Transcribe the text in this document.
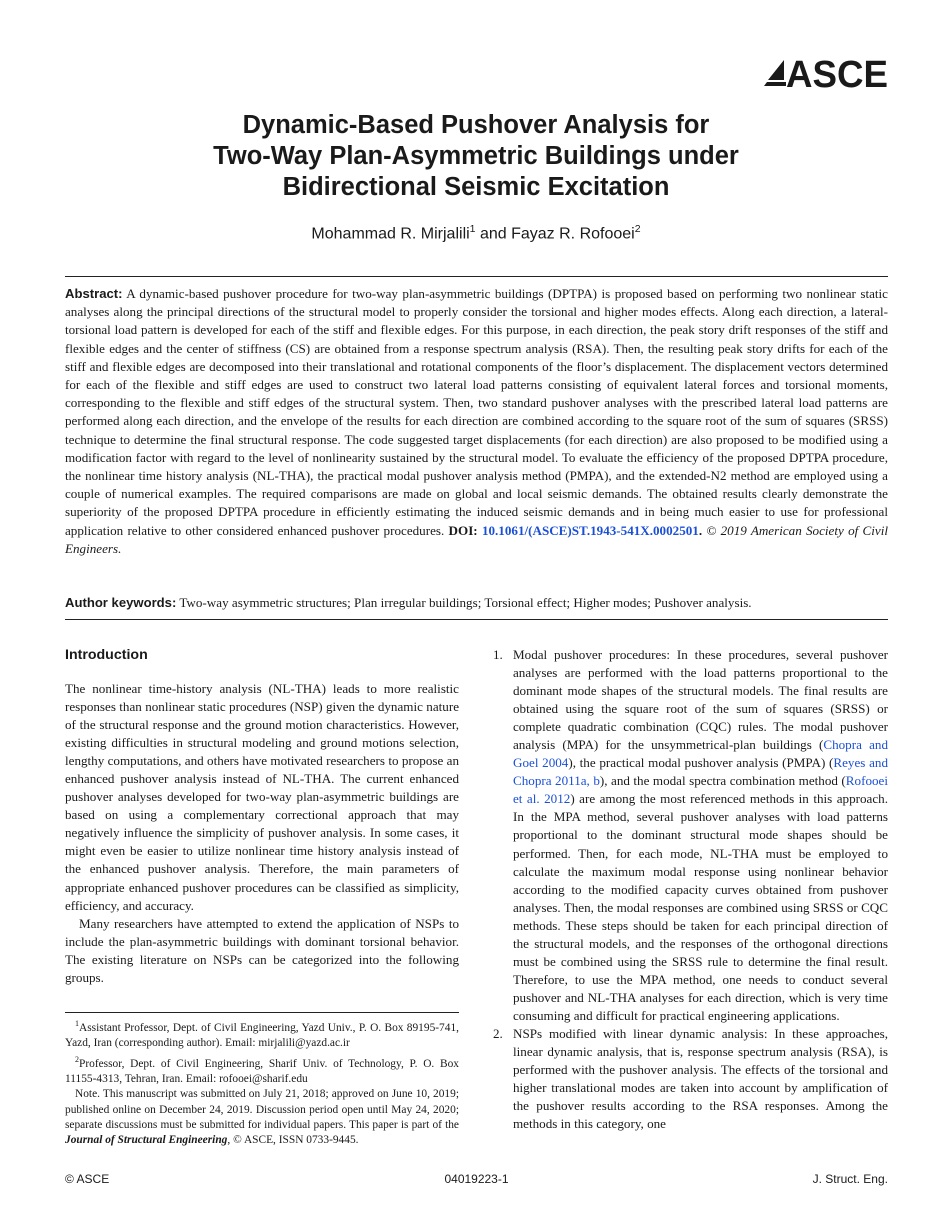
ASCE
Dynamic-Based Pushover Analysis for
Two-Way Plan-Asymmetric Buildings under
Bidirectional Seismic Excitation
Mohammad R. Mirjalili$^1$ and Fayaz R. Rofooei$^2$

Abstract: A dynamic-based pushover procedure for two-way plan-asymmetric buildings (DPTPA) is proposed based on performing two nonlinear static analyses along the principal directions of the structural model to properly consider the torsional and higher modes effects. Along each direction, a lateral-torsional load pattern is developed for each of the stiff and flexible edges. For this purpose, in each direction, the peak story drift responses of the stiff and flexible edges and the center of stiffness (CS) are obtained from a response spectrum analysis (RSA). Then, the resulting peak story drifts for each of the stiff and flexible edges are decomposed into their translational and rotational components of the floor’s displacement. The displacement vectors determined for each of the flexible and stiff edges are used to construct two lateral load patterns consisting of equivalent lateral forces and torsional moments, corresponding to the flexible and stiff edges of the structural system. Then, two standard pushover analyses with the prescribed lateral load patterns are performed along each direction, and the envelope of the results for each direction are combined according to the square root of the sum of squares (SRSS) technique to determine the final structural response. The code suggested target displacements (for each direction) are also proposed to be modified using a modification factor with regard to the level of nonlinearity sustained by the structural model. To evaluate the efficiency of the proposed DPTPA procedure, the nonlinear time history analysis (NL-THA), the practical modal pushover analysis method (PMPA), and the extended-N2 method are employed using a couple of numerical examples. The required comparisons are made on global and local seismic demands. The obtained results clearly demonstrate the superiority of the proposed DPTPA procedure in efficiently estimating the induced seismic demands and in being much easier to use for professional application relative to other considered enhanced pushover procedures. DOI: 10.1061/(ASCE)ST.1943-541X.0002501. © 2019 American Society of Civil Engineers.

Author keywords: Two-way asymmetric structures; Plan irregular buildings; Torsional effect; Higher modes; Pushover analysis.

Introduction

The nonlinear time-history analysis (NL-THA) leads to more realistic responses than nonlinear static procedures (NSP) given the dynamic nature of the structural response and the ground motion characteristics. However, existing difficulties in structural modeling and ground motions selection, lengthy computations, and others have motivated researchers to propose an enhanced pushover analysis instead of NL-THA. The current enhanced pushover analyses developed for two-way plan-asymmetric buildings are based on using a complementary correctional approach that may negatively influence the simplicity of pushover analysis. In some cases, it might even be easier to utilize nonlinear time history analysis instead of the enhanced pushover analysis. Therefore, the main parameters of appropriate enhanced pushover procedures can be classified as simplicity, efficiency, and accuracy.

Many researchers have attempted to extend the application of NSPs to include the plan-asymmetric buildings with dominant torsional behavior. The existing literature on NSPs can be categorized into the following groups.

$^1$Assistant Professor, Dept. of Civil Engineering, Yazd Univ., P. O. Box 89195-741, Yazd, Iran (corresponding author). Email: mirjalili@yazd.ac.ir

$^2$Professor, Dept. of Civil Engineering, Sharif Univ. of Technology, P. O. Box 11155-4313, Tehran, Iran. Email: rofooei@sharif.edu

Note. This manuscript was submitted on July 21, 2018; approved on June 10, 2019; published online on December 24, 2019. Discussion period open until May 24, 2020; separate discussions must be submitted for individual papers. This paper is part of the Journal of Structural Engineering, © ASCE, ISSN 0733-9445.

1. Modal pushover procedures: In these procedures, several pushover analyses are performed with the load patterns proportional to the dominant mode shapes of the structural models. The final results are obtained using the square root of the sum of squares (SRSS) or complete quadratic combination (CQC) rules. The modal pushover analysis (MPA) for the unsymmetrical-plan buildings (Chopra and Goel 2004), the practical modal pushover analysis (PMPA) (Reyes and Chopra 2011a, b), and the modal spectra combination method (Rofooei et al. 2012) are among the most referenced methods in this approach. In the MPA method, several pushover analyses with load patterns proportional to the dominant structural mode shapes should be performed. Then, for each mode, NL-THA must be employed to calculate the maximum modal response using nonlinear behavior according to the modified capacity curves obtained from pushover analyses. Then, the modal responses are combined using SRSS or CQC methods. These steps should be taken for each principal direction of the structural models, and the responses of the orthogonal directions must be combined using the SRSS rule to determine the final result. Therefore, to use the MPA method, one needs to conduct several pushover and NL-THA analyses for each direction, which is very time consuming and difficult for practical engineering applications.
2. NSPs modified with linear dynamic analysis: In these approaches, linear dynamic analysis, that is, response spectrum analysis (RSA), is performed with the pushover analysis. The effects of the torsional and higher translational modes are taken into account by amplification of the pushover results according to the RSA responses. Among the methods in this category, one
© ASCE	04019223-1	J. Struct. Eng.
